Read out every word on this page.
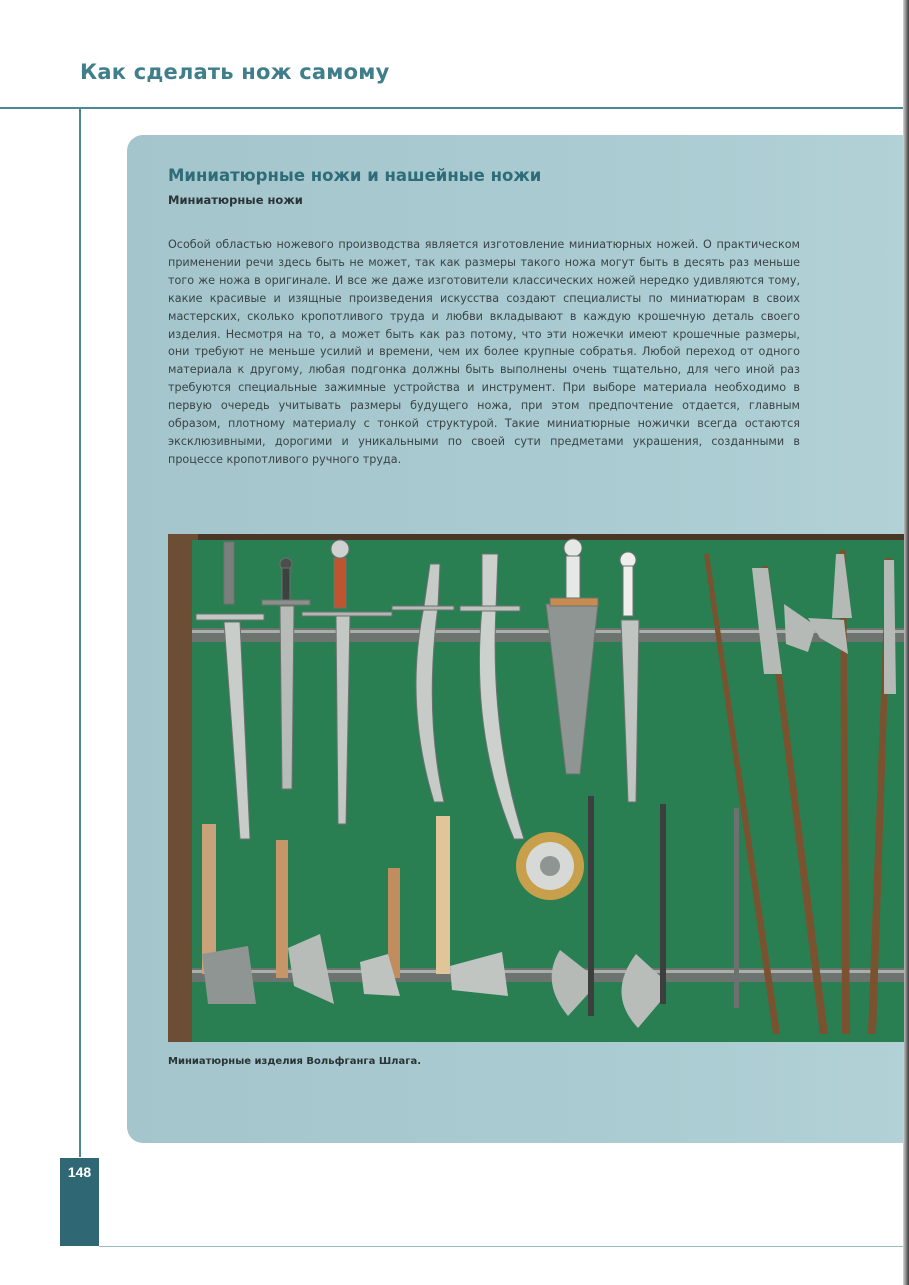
Как сделать нож самому
Миниатюрные ножи и нашейные ножи
Миниатюрные ножи

Особой областью ножевого производства является изготовление миниатюрных ножей. О практическом применении речи здесь быть не может, так как размеры такого ножа могут быть в десять раз меньше того же ножа в оригинале. И все же даже изготовители классических ножей нередко удивляются тому, какие красивые и изящные произведения искусства создают специалисты по миниатюрам в своих мастерских, сколько кропотливого труда и любви вкладывают в каждую крошечную деталь своего изделия. Несмотря на то, а может быть как раз потому, что эти ножечки имеют крошечные размеры, они требуют не меньше усилий и времени, чем их более крупные собратья. Любой переход от одного материала к другому, любая подгонка должны быть выполнены очень тщательно, для чего иной раз требуются специальные зажимные устройства и инструмент. При выборе материала необходимо в первую очередь учитывать размеры будущего ножа, при этом предпочтение отдается, главным образом, плотному материалу с тонкой структурой. Такие миниатюрные ножички всегда остаются эксклюзивными, дорогими и уникальными по своей сути предметами украшения, созданными в процессе кропотливого ручного труда.

Миниатюрные изделия Вольфганга Шлага.

148
